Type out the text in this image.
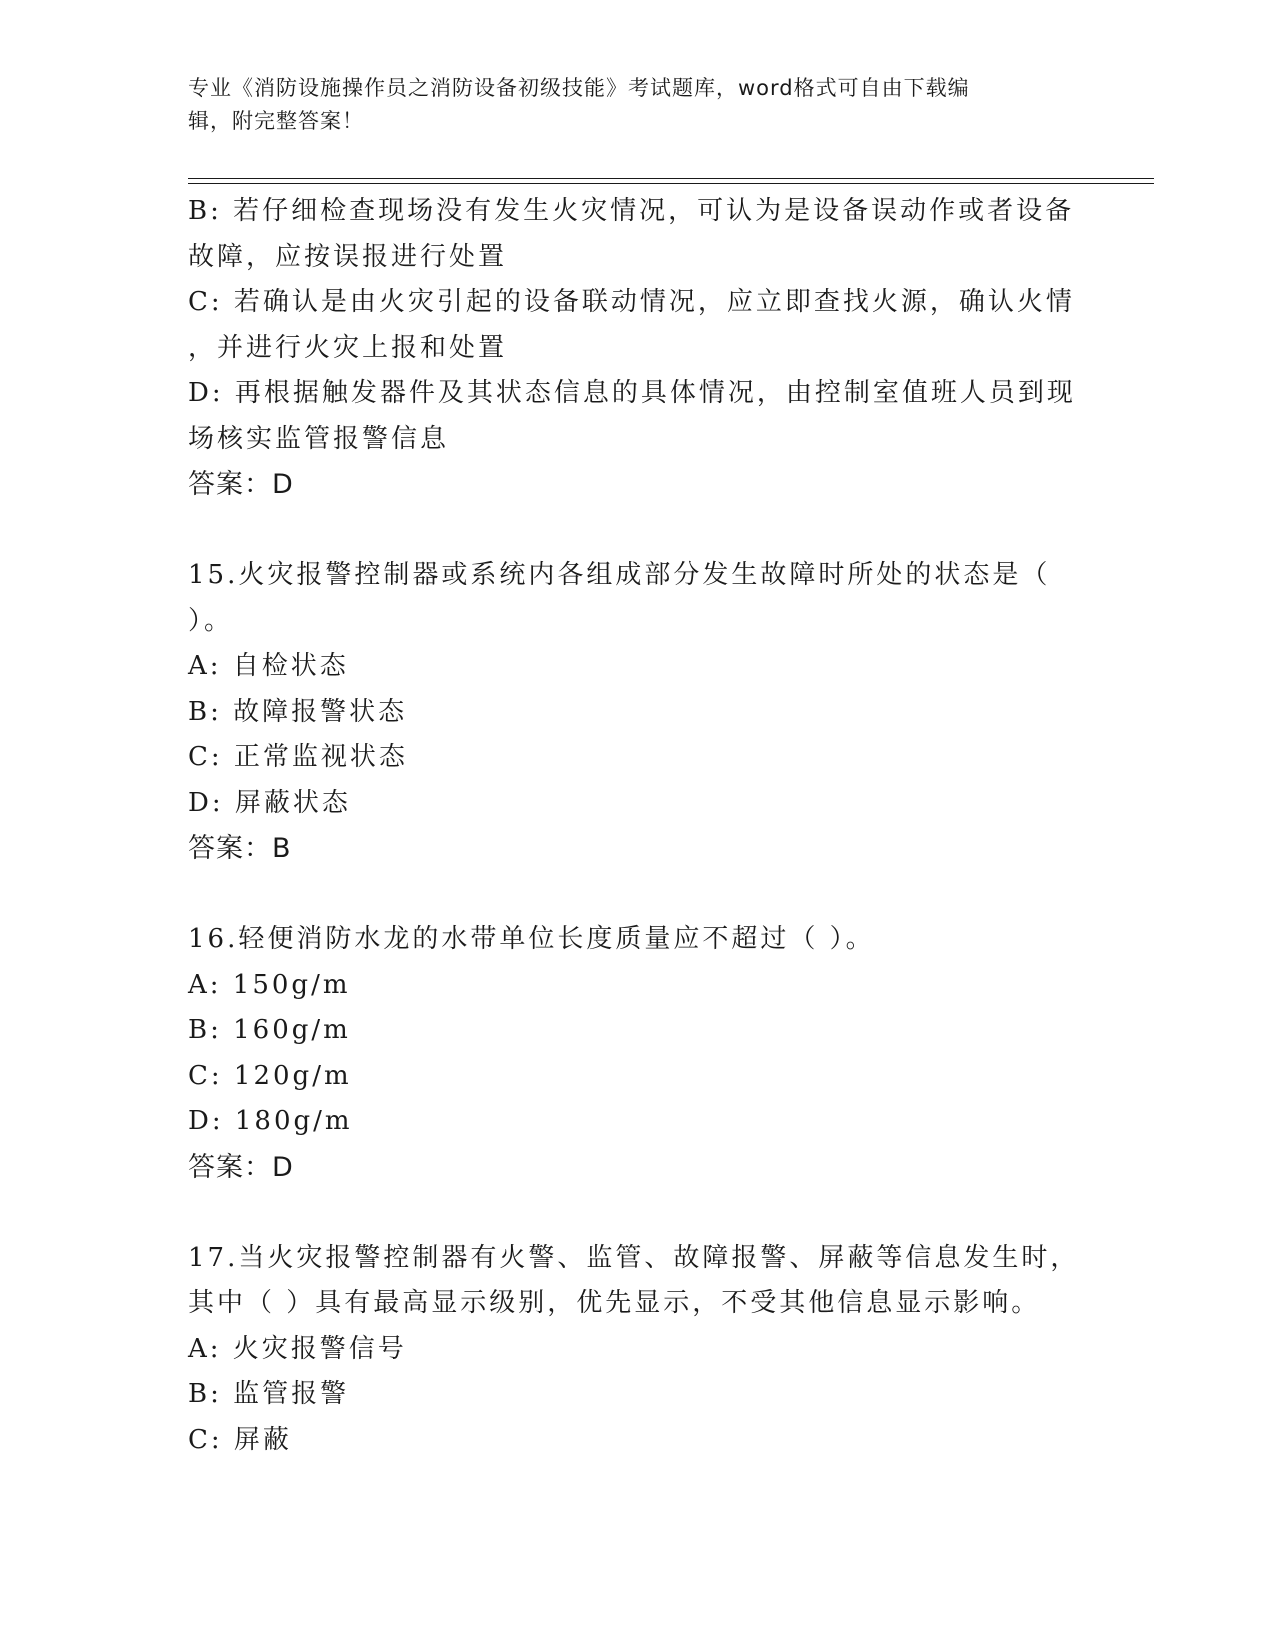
专业《消防设施操作员之消防设备初级技能》考试题库，word格式可自由下载编
辑，附完整答案！
B: 若仔细检查现场没有发生火灾情况，可认为是设备误动作或者设备
故障，应按误报进行处置
C: 若确认是由火灾引起的设备联动情况，应立即查找火源，确认火情
，并进行火灾上报和处置
D: 再根据触发器件及其状态信息的具体情况，由控制室值班人员到现
场核实监管报警信息
答案：D
15.火灾报警控制器或系统内各组成部分发生故障时所处的状态是（
）。
A: 自检状态
B: 故障报警状态
C: 正常监视状态
D: 屏蔽状态
答案：B
16.轻便消防水龙的水带单位长度质量应不超过（ ）。
A: 150g/m
B: 160g/m
C: 120g/m
D: 180g/m
答案：D
17.当火灾报警控制器有火警、监管、故障报警、屏蔽等信息发生时，
其中（ ）具有最高显示级别，优先显示，不受其他信息显示影响。
A: 火灾报警信号
B: 监管报警
C: 屏蔽
